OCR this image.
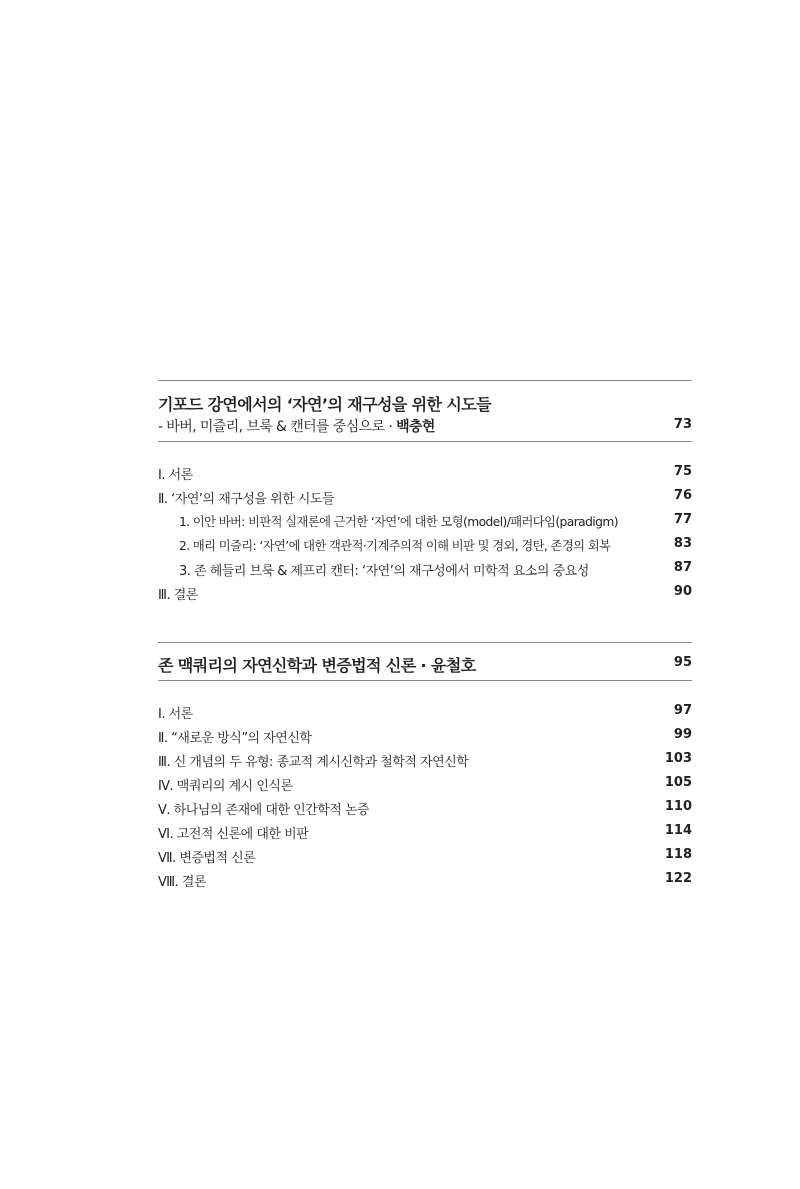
기포드 강연에서의 ‘자연’의 재구성을 위한 시도들
- 바버, 미즐리, 브룩 & 캔터를 중심으로 · 백충현	73
Ⅰ. 서론	75
Ⅱ. ‘자연’의 재구성을 위한 시도들	76
1. 이안 바버: 비판적 실재론에 근거한 ‘자연’에 대한 모형(model)/패러다임(paradigm)	77
2. 매리 미즐리: ‘자연’에 대한 객관적·기계주의적 이해 비판 및 경외, 경탄, 존경의 회복	83
3. 존 헤들리 브룩 & 제프리 캔터: ‘자연’의 재구성에서 미학적 요소의 중요성	87
Ⅲ. 결론	90
존 맥쿼리의 자연신학과 변증법적 신론 · 윤철호	95
Ⅰ. 서론	97
Ⅱ. “새로운 방식”의 자연신학	99
Ⅲ. 신 개념의 두 유형: 종교적 계시신학과 철학적 자연신학	103
Ⅳ. 맥쿼리의 계시 인식론	105
Ⅴ. 하나님의 존재에 대한 인간학적 논증	110
Ⅵ. 고전적 신론에 대한 비판	114
Ⅶ. 변증법적 신론	118
Ⅷ. 결론	122
